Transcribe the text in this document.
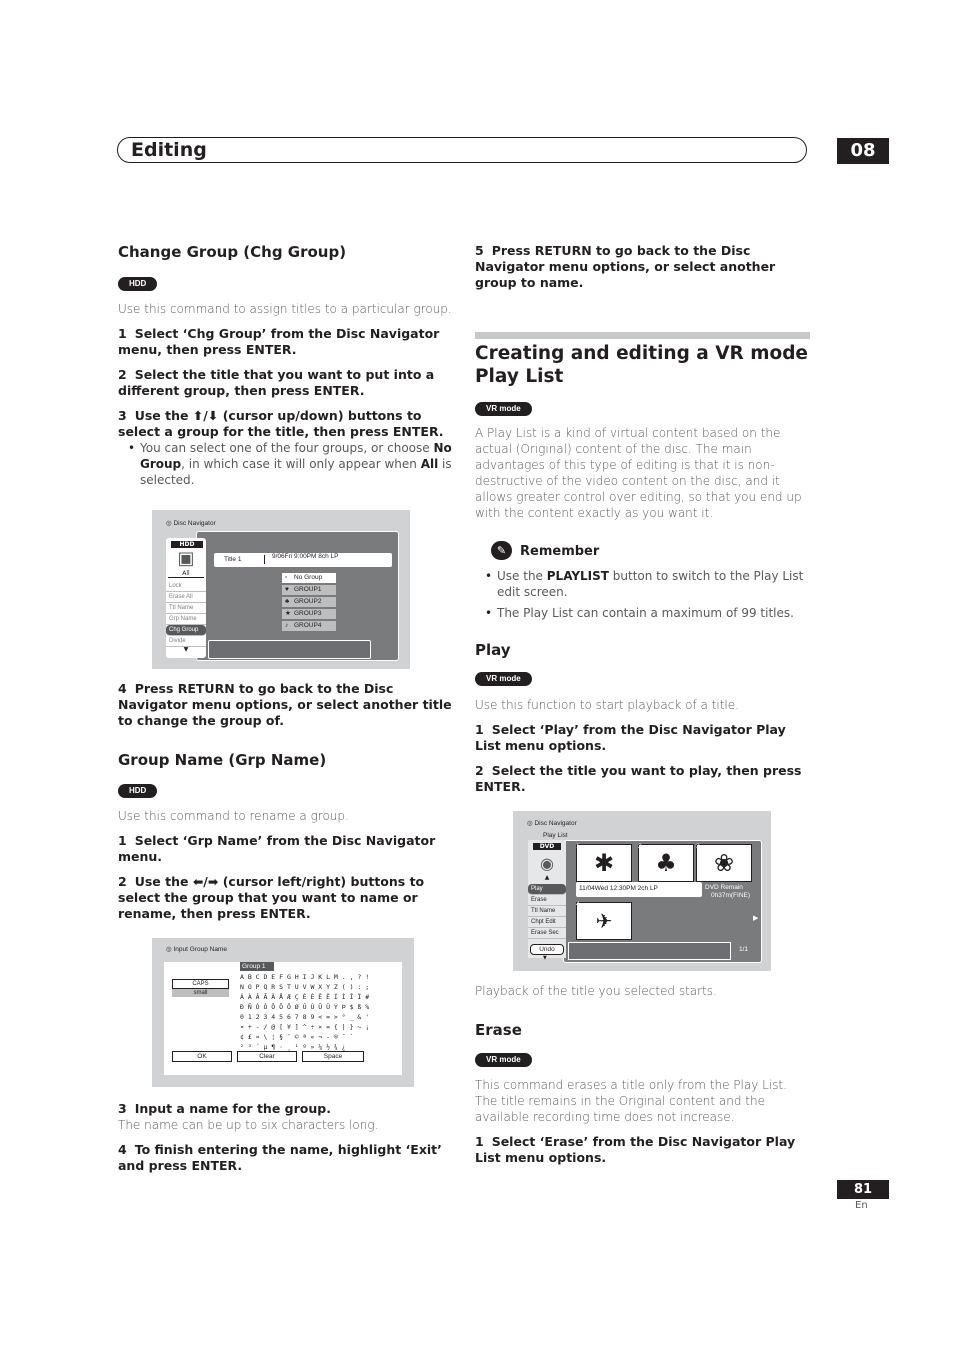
Editing	08
Change Group (Chg Group)
HDD
Use this command to assign titles to a particular group.
1 Select ‘Chg Group’ from the Disc Navigator menu, then press ENTER.
2 Select the title that you want to put into a different group, then press ENTER.
3 Use the ⬆/⬇ (cursor up/down) buttons to select a group for the title, then press ENTER.
• You can select one of the four groups, or choose No Group, in which case it will only appear when All is selected.
◎ Disc Navigator
HDD
▣
All
Lock
Erase All
Ttl Name
Grp Name
Chg Group
Divide
▼
Title 1	9/06Fri 9:00PM 8ch LP
▫ No Group
♥ GROUP1
♣ GROUP2
★ GROUP3
♪ GROUP4
4 Press RETURN to go back to the Disc Navigator menu options, or select another title to change the group of.
Group Name (Grp Name)
HDD
Use this command to rename a group.
1 Select ‘Grp Name’ from the Disc Navigator menu.
2 Use the ⬅/➡ (cursor left/right) buttons to select the group that you want to name or rename, then press ENTER.
◎ Input Group Name
Group 1
CAPS
small
A B C D E F G H I J K L M . , ? !
N O P Q R S T U V W X Y Z ( ) : ;
Á À Â Ã Ä Å Æ Ç É È Ê Ë Í Ì Î Ï #
Ð Ñ Ó Ò Ô Õ Ö Ø Ú Ù Û Ü Ý Þ $ ß %
0 1 2 3 4 5 6 7 8 9 < = > ° _ & '
¤ + - / @ [ ¥ ] ^ ÷ × = { | } ~ ¡
¢ £ ¤ \ ¦ § ¨ © ª « ¬ - ® ¯ `
² ³ ´ µ ¶ · ¸ ¹ º » ¼ ½ ¾ ¿
OK	Clear	Space
3 Input a name for the group.
The name can be up to six characters long.
4 To finish entering the name, highlight ‘Exit’ and press ENTER.
5 Press RETURN to go back to the Disc Navigator menu options, or select another group to name.
Creating and editing a VR mode Play List
VR mode
A Play List is a kind of virtual content based on the actual (Original) content of the disc. The main advantages of this type of editing is that it is non-destructive of the video content on the disc, and it allows greater control over editing, so that you end up with the content exactly as you want it.
✎	Remember
• Use the PLAYLIST button to switch to the Play List edit screen.
• The Play List can contain a maximum of 99 titles.
Play
VR mode
Use this function to start playback of a title.
1 Select ‘Play’ from the Disc Navigator Play List menu options.
2 Select the title you want to play, then press ENTER.
◎ Disc Navigator
Play List
DVD
◉
▲
Play
Erase
Ttl Name
Chpt Edit
Erase Sec
1
✱
2
♣
3
❀
11/04Wed 12:30PM 2ch LP	DVD Remain
0h37m(FINE)
4
✈	▶
Undo	1/1
▼
Playback of the title you selected starts.
Erase
VR mode
This command erases a title only from the Play List. The title remains in the Original content and the available recording time does not increase.
1 Select ‘Erase’ from the Disc Navigator Play List menu options.
81
En
